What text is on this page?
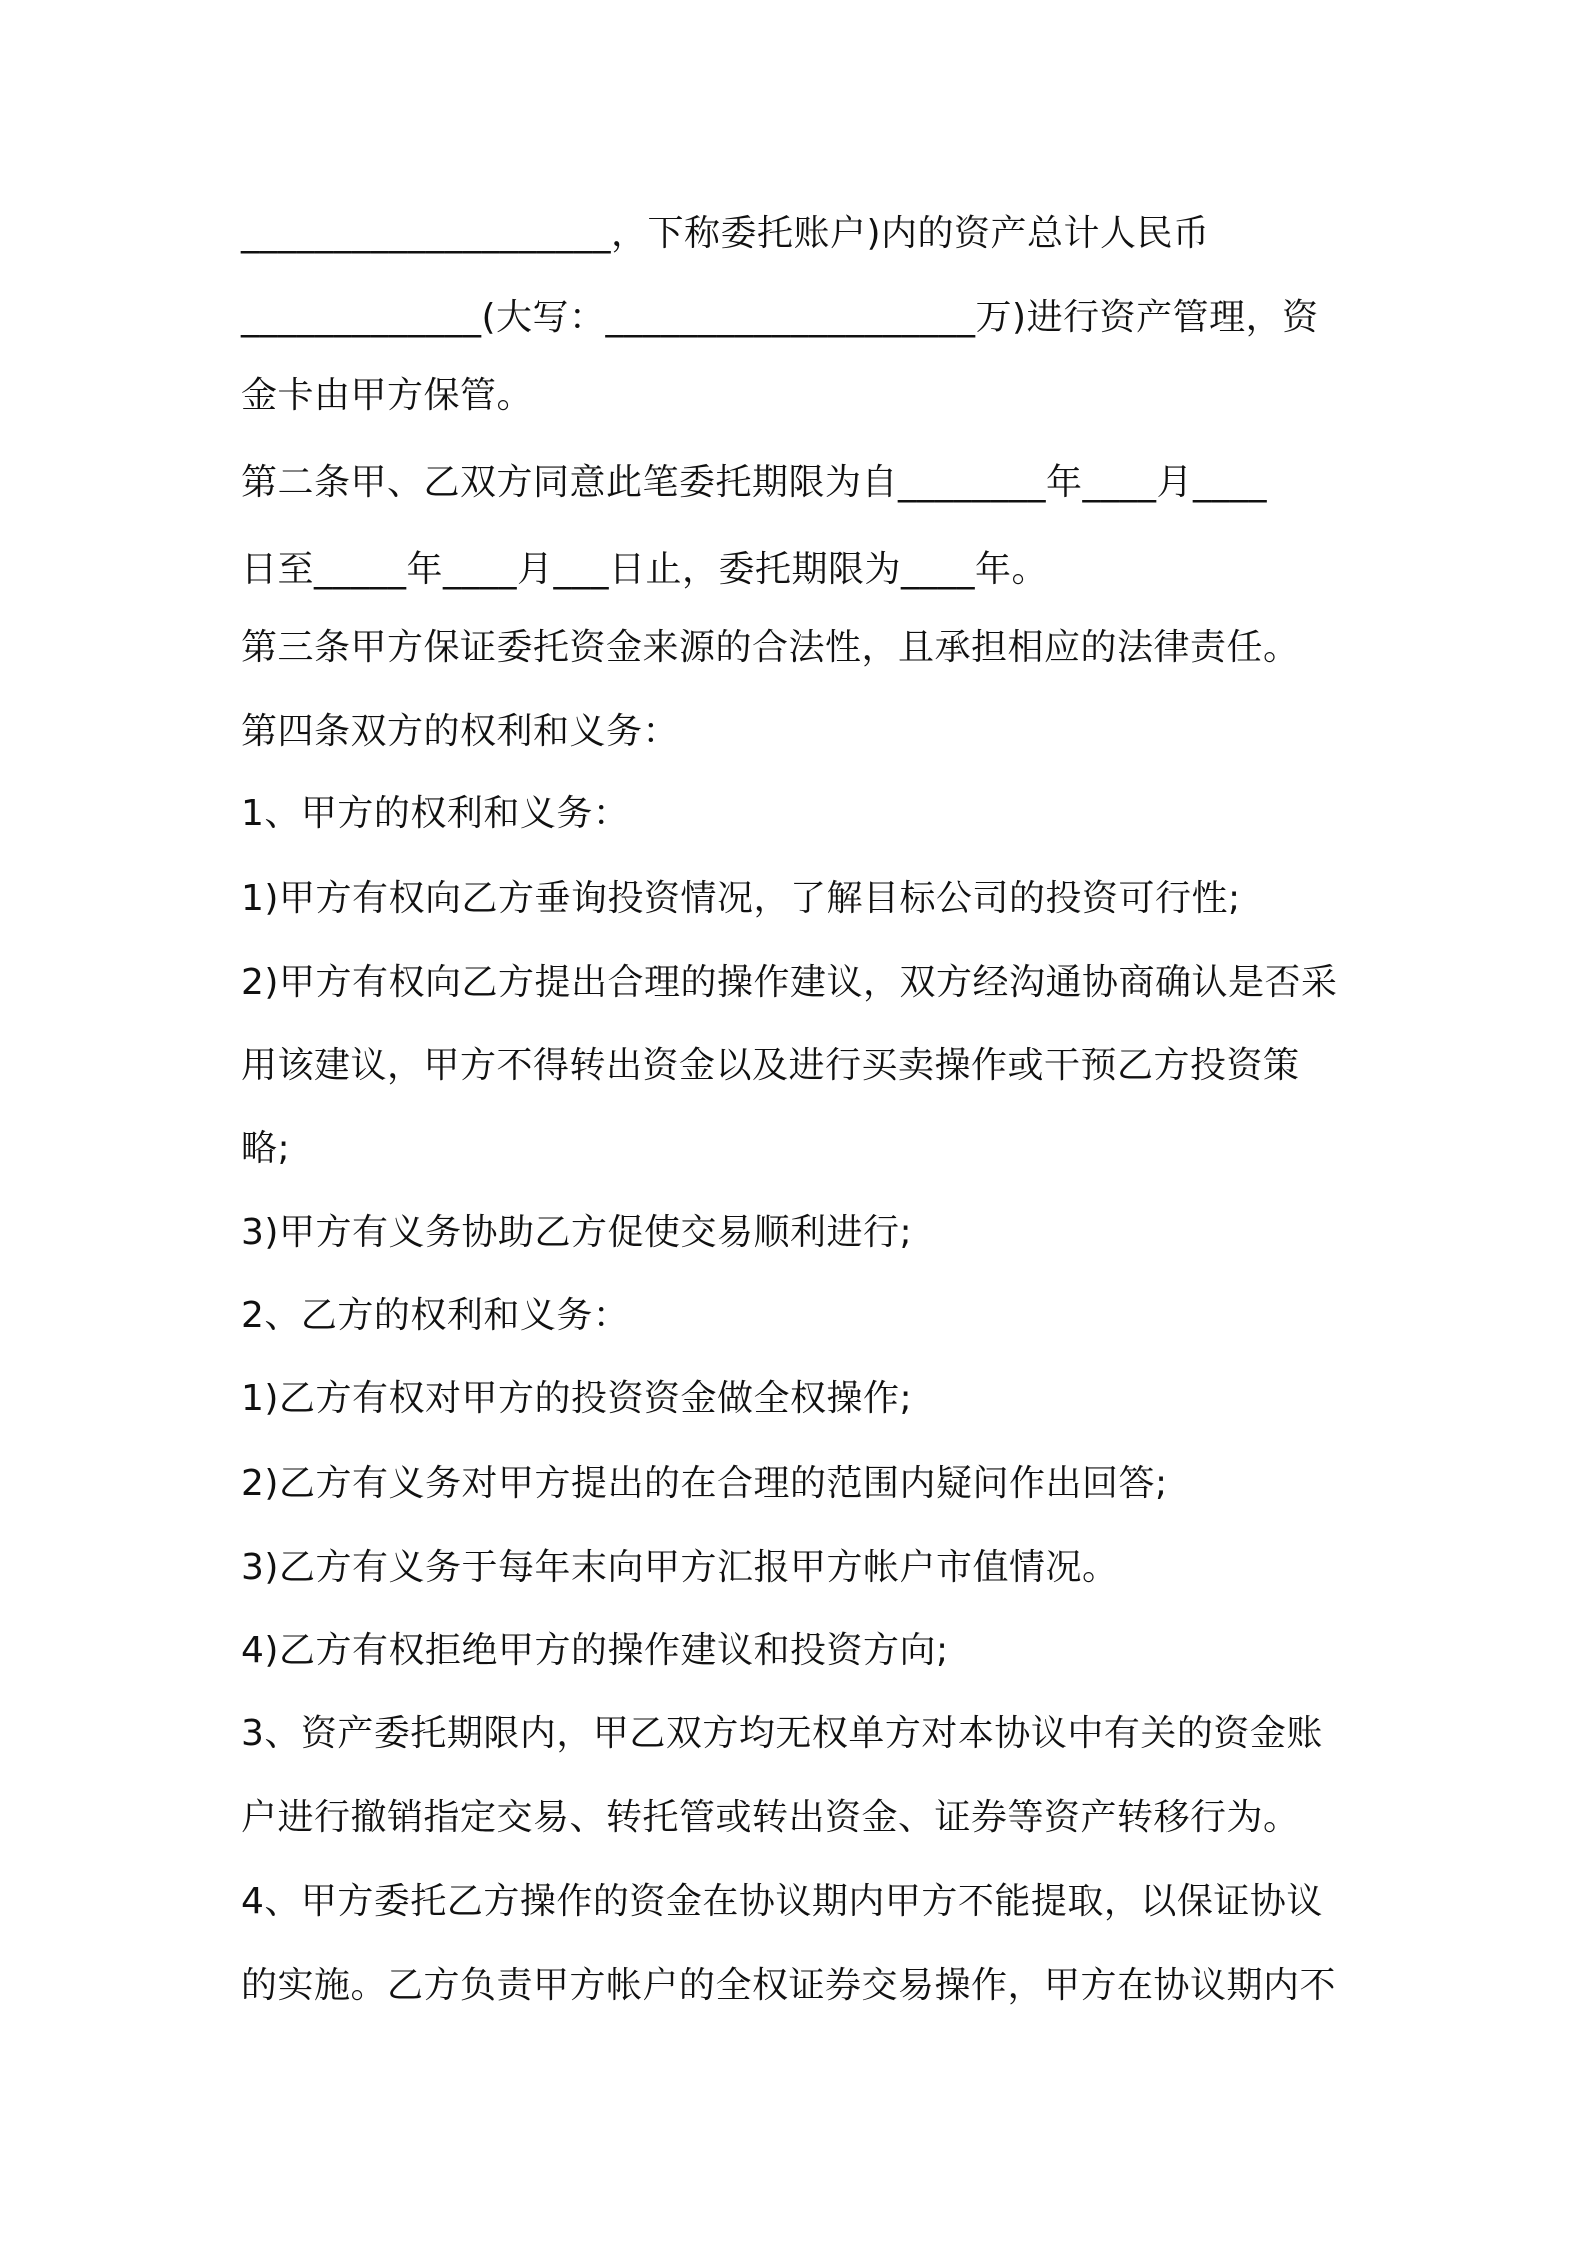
____________________，下称委托账户)内的资产总计人民币
_____________(大写：____________________万)进行资产管理，资
金卡由甲方保管。
第二条甲、乙双方同意此笔委托期限为自________年____月____
日至_____年____月___日止，委托期限为____年。
第三条甲方保证委托资金来源的合法性，且承担相应的法律责任。
第四条双方的权利和义务：
1、甲方的权利和义务：
1)甲方有权向乙方垂询投资情况，了解目标公司的投资可行性;
2)甲方有权向乙方提出合理的操作建议，双方经沟通协商确认是否采
用该建议，甲方不得转出资金以及进行买卖操作或干预乙方投资策
略;
3)甲方有义务协助乙方促使交易顺利进行;
2、乙方的权利和义务：
1)乙方有权对甲方的投资资金做全权操作;
2)乙方有义务对甲方提出的在合理的范围内疑问作出回答;
3)乙方有义务于每年末向甲方汇报甲方帐户市值情况。
4)乙方有权拒绝甲方的操作建议和投资方向;
3、资产委托期限内，甲乙双方均无权单方对本协议中有关的资金账
户进行撤销指定交易、转托管或转出资金、证券等资产转移行为。
4、甲方委托乙方操作的资金在协议期内甲方不能提取，以保证协议
的实施。乙方负责甲方帐户的全权证券交易操作，甲方在协议期内不
